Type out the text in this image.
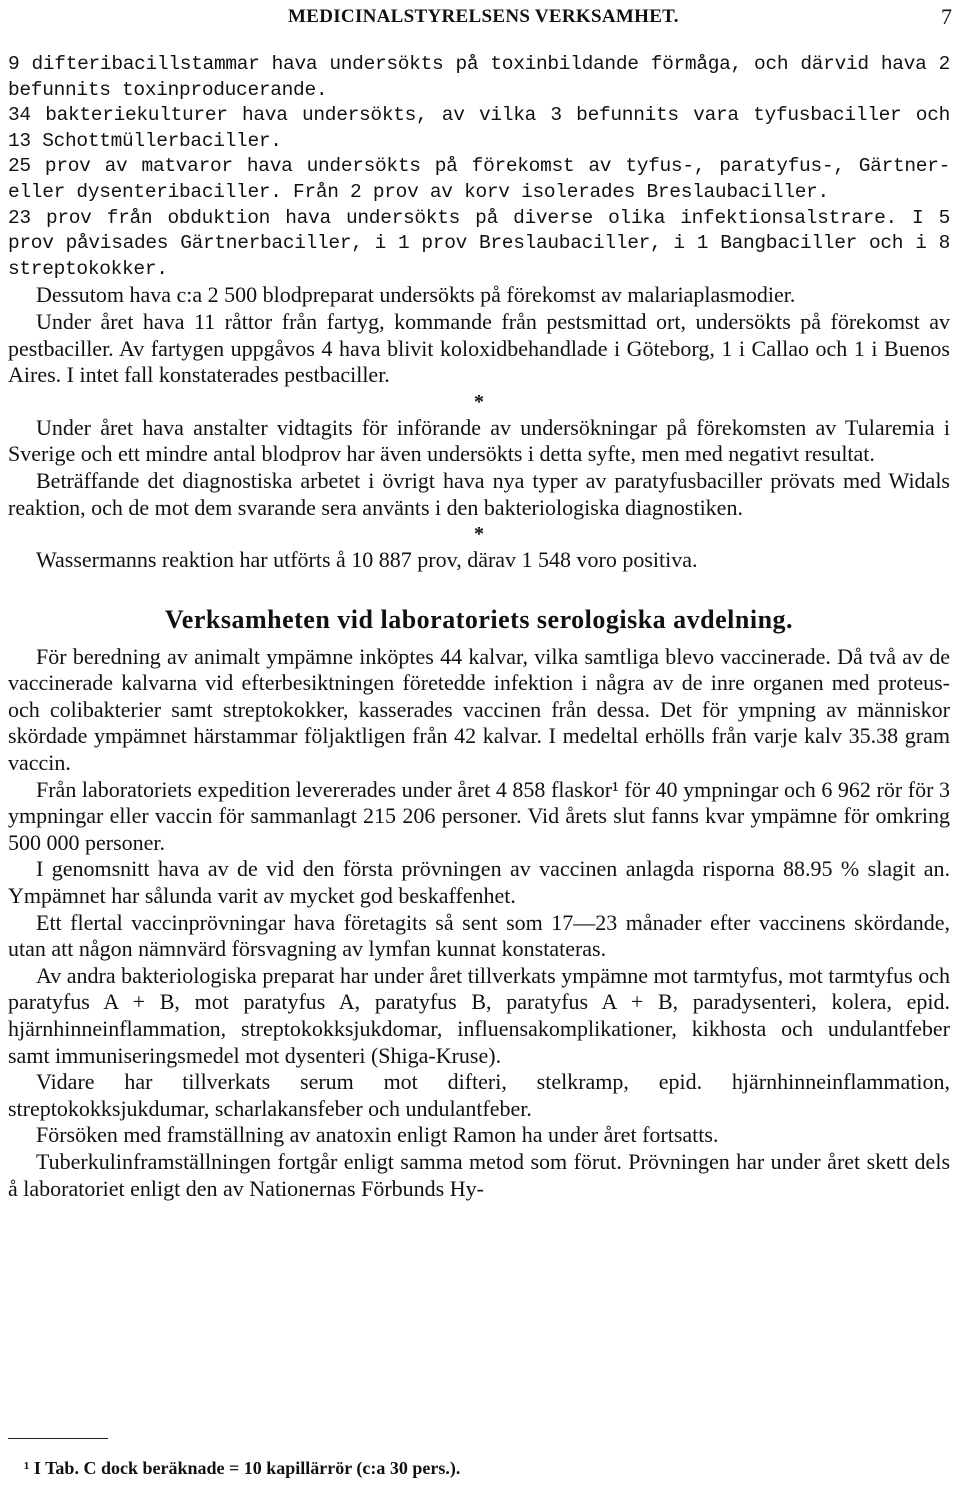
MEDICINALSTYRELSENS VERKSAMHET.	7

9 difteribacillstammar hava undersökts på toxinbildande förmåga, och därvid hava 2 befunnits toxinproducerande.

34 bakteriekulturer hava undersökts, av vilka 3 befunnits vara tyfusbaciller och 13 Schottmüllerbaciller.

25 prov av matvaror hava undersökts på förekomst av tyfus-, paratyfus-, Gärtner- eller dysenteribaciller. Från 2 prov av korv isolerades Breslaubaciller.

23 prov från obduktion hava undersökts på diverse olika infektionsalstrare. I 5 prov påvisades Gärtnerbaciller, i 1 prov Breslaubaciller, i 1 Bangbaciller och i 8 streptokokker.

Dessutom hava c:a 2 500 blodpreparat undersökts på förekomst av malariaplasmodier.

Under året hava 11 råttor från fartyg, kommande från pestsmittad ort, undersökts på förekomst av pestbaciller. Av fartygen uppgåvos 4 hava blivit koloxidbehandlade i Göteborg, 1 i Callao och 1 i Buenos Aires. I intet fall konstaterades pestbaciller.

*

Under året hava anstalter vidtagits för införande av undersökningar på förekomsten av Tularemia i Sverige och ett mindre antal blodprov har även undersökts i detta syfte, men med negativt resultat.

Beträffande det diagnostiska arbetet i övrigt hava nya typer av paratyfusbaciller prövats med Widals reaktion, och de mot dem svarande sera använts i den bakteriologiska diagnostiken.

*

Wassermanns reaktion har utförts å 10 887 prov, därav 1 548 voro positiva.

Verksamheten vid laboratoriets serologiska avdelning.

För beredning av animalt ympämne inköptes 44 kalvar, vilka samtliga blevo vaccinerade. Då två av de vaccinerade kalvarna vid efterbesiktningen företedde infektion i några av de inre organen med proteus- och colibakterier samt streptokokker, kasserades vaccinen från dessa. Det för ympning av människor skördade ympämnet härstammar följaktligen från 42 kalvar. I medeltal erhölls från varje kalv 35.38 gram vaccin.

Från laboratoriets expedition levererades under året 4 858 flaskor¹ för 40 ympningar och 6 962 rör för 3 ympningar eller vaccin för sammanlagt 215 206 personer. Vid årets slut fanns kvar ympämne för omkring 500 000 personer.

I genomsnitt hava av de vid den första prövningen av vaccinen anlagda risporna 88.95 % slagit an. Ympämnet har sålunda varit av mycket god beskaffenhet.

Ett flertal vaccinprövningar hava företagits så sent som 17—23 månader efter vaccinens skördande, utan att någon nämnvärd försvagning av lymfan kunnat konstateras.

Av andra bakteriologiska preparat har under året tillverkats ympämne mot tarmtyfus, mot tarmtyfus och paratyfus A + B, mot paratyfus A, paratyfus B, paratyfus A + B, paradysenteri, kolera, epid. hjärnhinneinflammation, streptokokksjukdomar, influensakomplikationer, kikhosta och undulantfeber samt immuniseringsmedel mot dysenteri (Shiga-Kruse).

Vidare har tillverkats serum mot difteri, stelkramp, epid. hjärnhinneinflammation, streptokokksjukdumar, scharlakansfeber och undulantfeber.

Försöken med framställning av anatoxin enligt Ramon ha under året fortsatts.

Tuberkulinframställningen fortgår enligt samma metod som förut. Prövningen har under året skett dels å laboratoriet enligt den av Nationernas Förbunds Hy-

¹ I Tab. C dock beräknade = 10 kapillärrör (c:a 30 pers.).
